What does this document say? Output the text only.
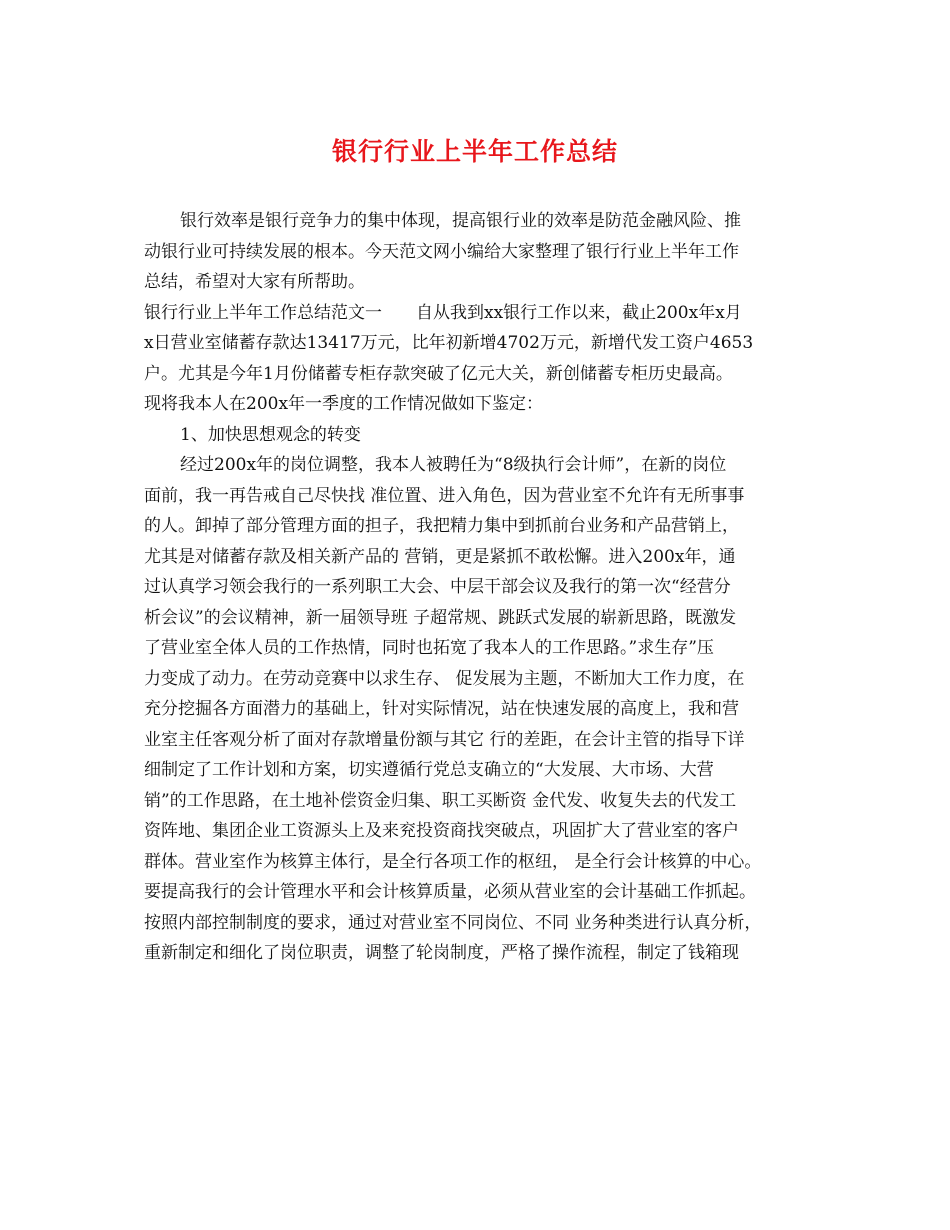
银行行业上半年工作总结
银行效率是银行竞争力的集中体现，提高银行业的效率是防范金融风险、推
动银行业可持续发展的根本。今天范文网小编给大家整理了银行行业上半年工作
总结，希望对大家有所帮助。
银行行业上半年工作总结范文一　　自从我到xx银行工作以来，截止200x年x月
x日营业室储蓄存款达13417万元，比年初新增4702万元，新增代发工资户4653
户。尤其是今年1月份储蓄专柜存款突破了亿元大关，新创储蓄专柜历史最高。
现将我本人在200x年一季度的工作情况做如下鉴定：
1、加快思想观念的转变
经过200x年的岗位调整，我本人被聘任为“8级执行会计师”，在新的岗位
面前，我一再告戒自己尽快找 准位置、进入角色，因为营业室不允许有无所事事
的人。卸掉了部分管理方面的担子，我把精力集中到抓前台业务和产品营销上，
尤其是对储蓄存款及相关新产品的 营销，更是紧抓不敢松懈。进入200x年，通
过认真学习领会我行的一系列职工大会、中层干部会议及我行的第一次“经营分
析会议”的会议精神，新一届领导班 子超常规、跳跃式发展的崭新思路，既激发
了营业室全体人员的工作热情，同时也拓宽了我本人的工作思路。”求生存”压
力变成了动力。在劳动竞赛中以求生存、 促发展为主题，不断加大工作力度，在
充分挖掘各方面潜力的基础上，针对实际情况，站在快速发展的高度上，我和营
业室主任客观分析了面对存款增量份额与其它 行的差距，在会计主管的指导下详
细制定了工作计划和方案，切实遵循行党总支确立的“大发展、大市场、大营
销”的工作思路，在土地补偿资金归集、职工买断资 金代发、收复失去的代发工
资阵地、集团企业工资源头上及来兖投资商找突破点，巩固扩大了营业室的客户
群体。营业室作为核算主体行，是全行各项工作的枢纽， 是全行会计核算的中心。
要提高我行的会计管理水平和会计核算质量，必须从营业室的会计基础工作抓起。
按照内部控制制度的要求，通过对营业室不同岗位、不同 业务种类进行认真分析，
重新制定和细化了岗位职责，调整了轮岗制度，严格了操作流程，制定了钱箱现
